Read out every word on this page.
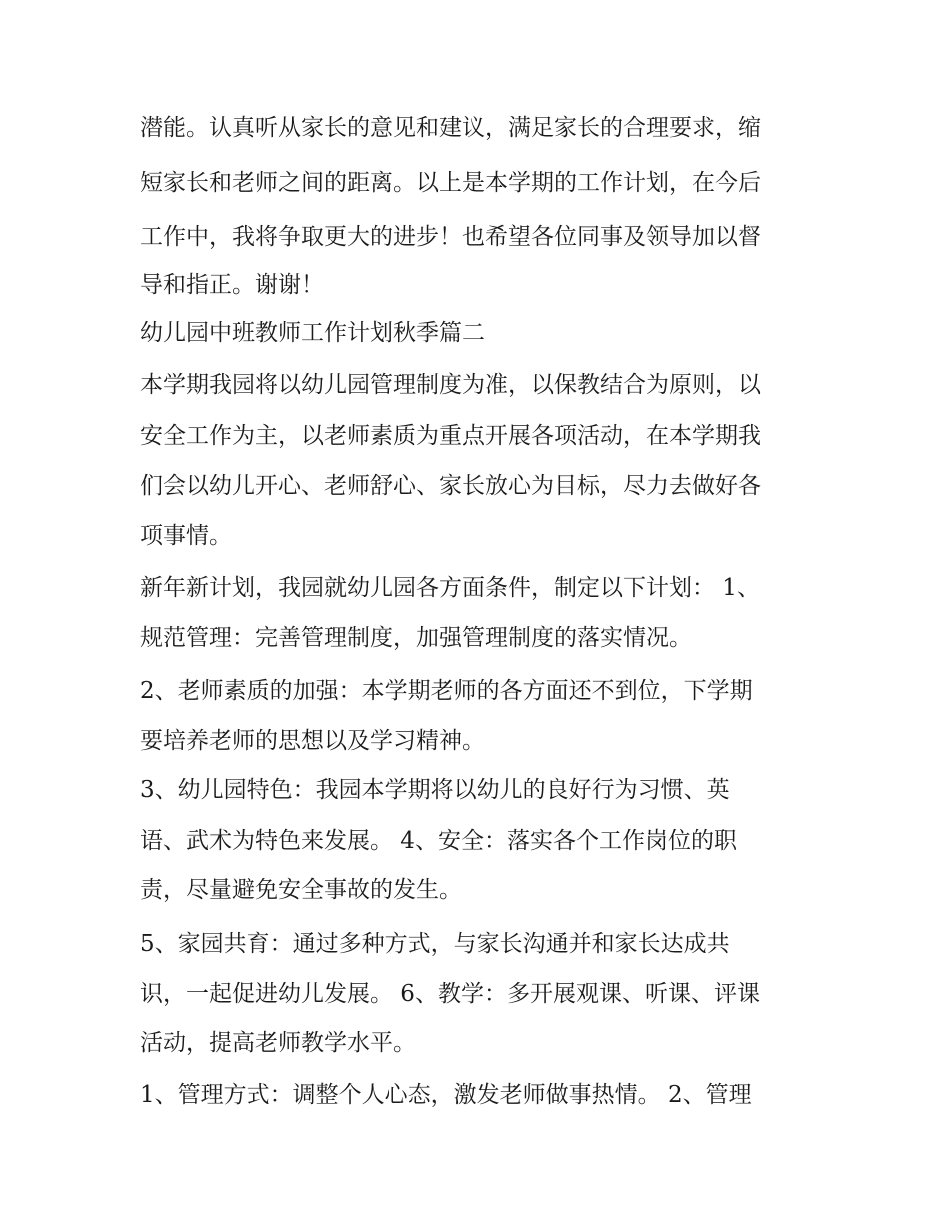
潜能。认真听从家长的意见和建议，满足家长的合理要求，缩

短家长和老师之间的距离。以上是本学期的工作计划，在今后

工作中，我将争取更大的进步！也希望各位同事及领导加以督

导和指正。谢谢！

幼儿园中班教师工作计划秋季篇二

本学期我园将以幼儿园管理制度为准，以保教结合为原则，以

安全工作为主，以老师素质为重点开展各项活动，在本学期我

们会以幼儿开心、老师舒心、家长放心为目标，尽力去做好各

项事情。

新年新计划，我园就幼儿园各方面条件，制定以下计划： 1、

规范管理：完善管理制度，加强管理制度的落实情况。

2、老师素质的加强：本学期老师的各方面还不到位，下学期

要培养老师的思想以及学习精神。

3、幼儿园特色：我园本学期将以幼儿的良好行为习惯、英

语、武术为特色来发展。 4、安全：落实各个工作岗位的职

责，尽量避免安全事故的发生。

5、家园共育：通过多种方式，与家长沟通并和家长达成共

识，一起促进幼儿发展。 6、教学：多开展观课、听课、评课

活动，提高老师教学水平。

1、管理方式：调整个人心态，激发老师做事热情。 2、管理
